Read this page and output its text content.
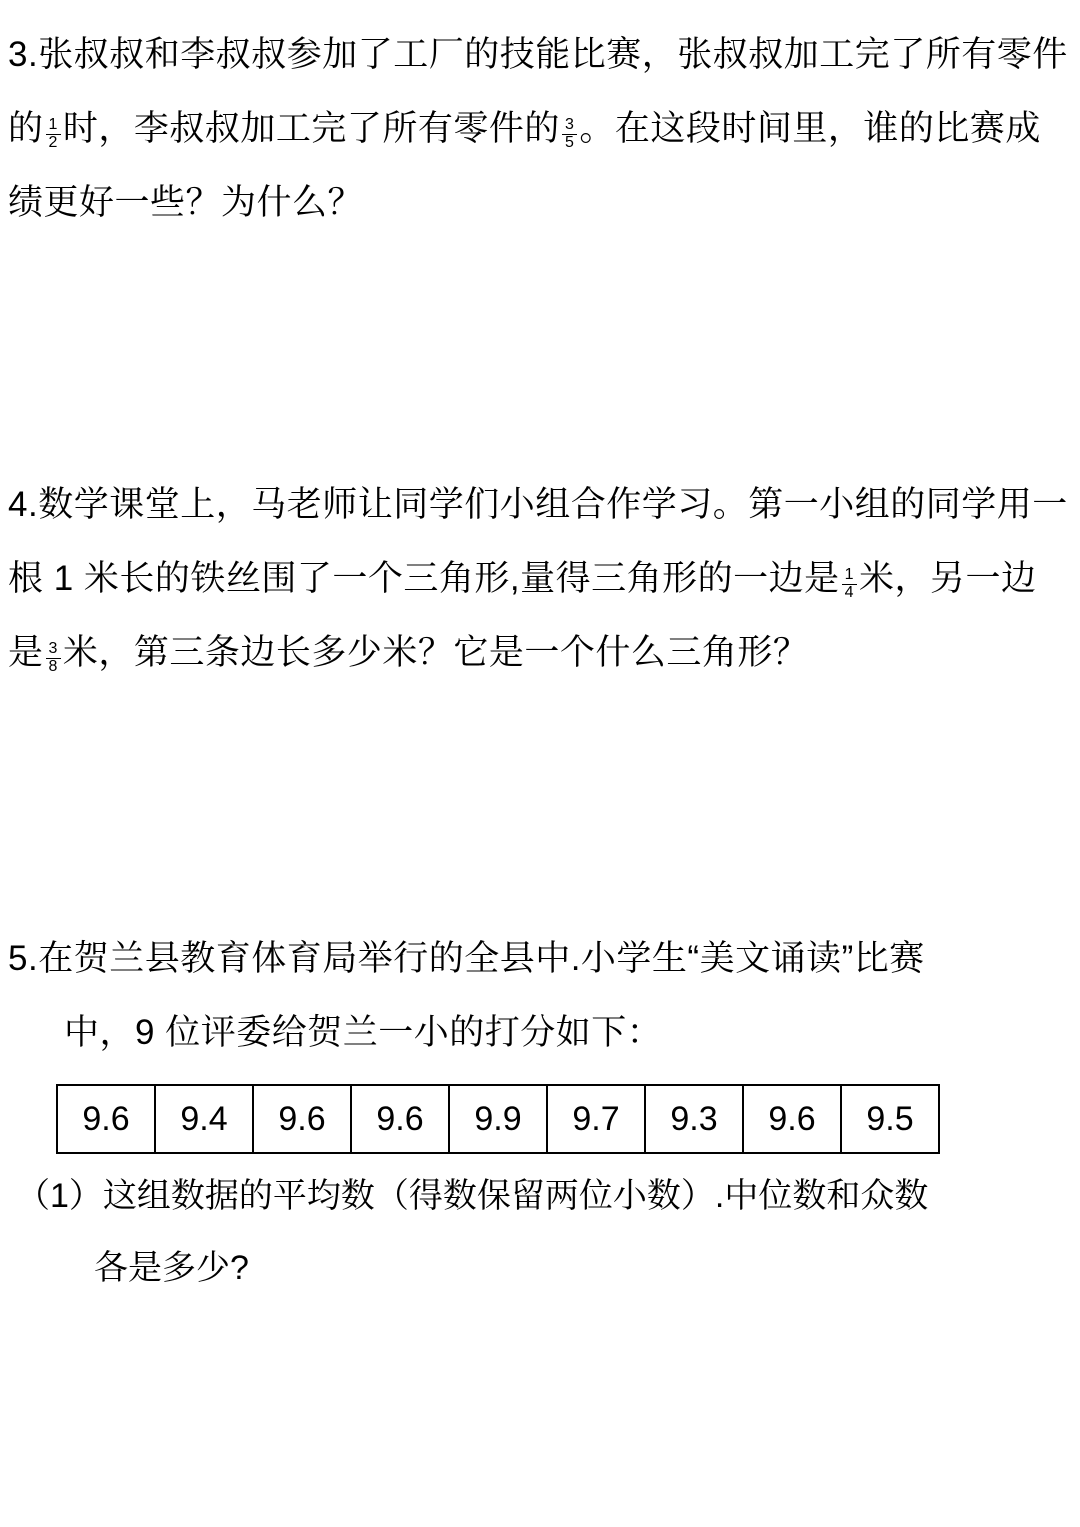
3.张叔叔和李叔叔参加了工厂的技能比赛，张叔叔加工完了所有零件的 $\frac{1}{2}$ 时，李叔叔加工完了所有零件的 $\frac{3}{5}$ 。在这段时间里，谁的比赛成绩更好一些？为什么？
4.数学课堂上，马老师让同学们小组合作学习。第一小组的同学用一根 1 米长的铁丝围了一个三角形,量得三角形的一边是 $\frac{1}{4}$ 米，另一边是 $\frac{3}{8}$ 米，第三条边长多少米？它是一个什么三角形？
5.在贺兰县教育体育局举行的全县中.小学生“美文诵读”比赛
中，9 位评委给贺兰一小的打分如下：
9.6	9.4	9.6	9.6	9.9	9.7	9.3	9.6	9.5
（1）这组数据的平均数（得数保留两位小数）.中位数和众数
各是多少?
